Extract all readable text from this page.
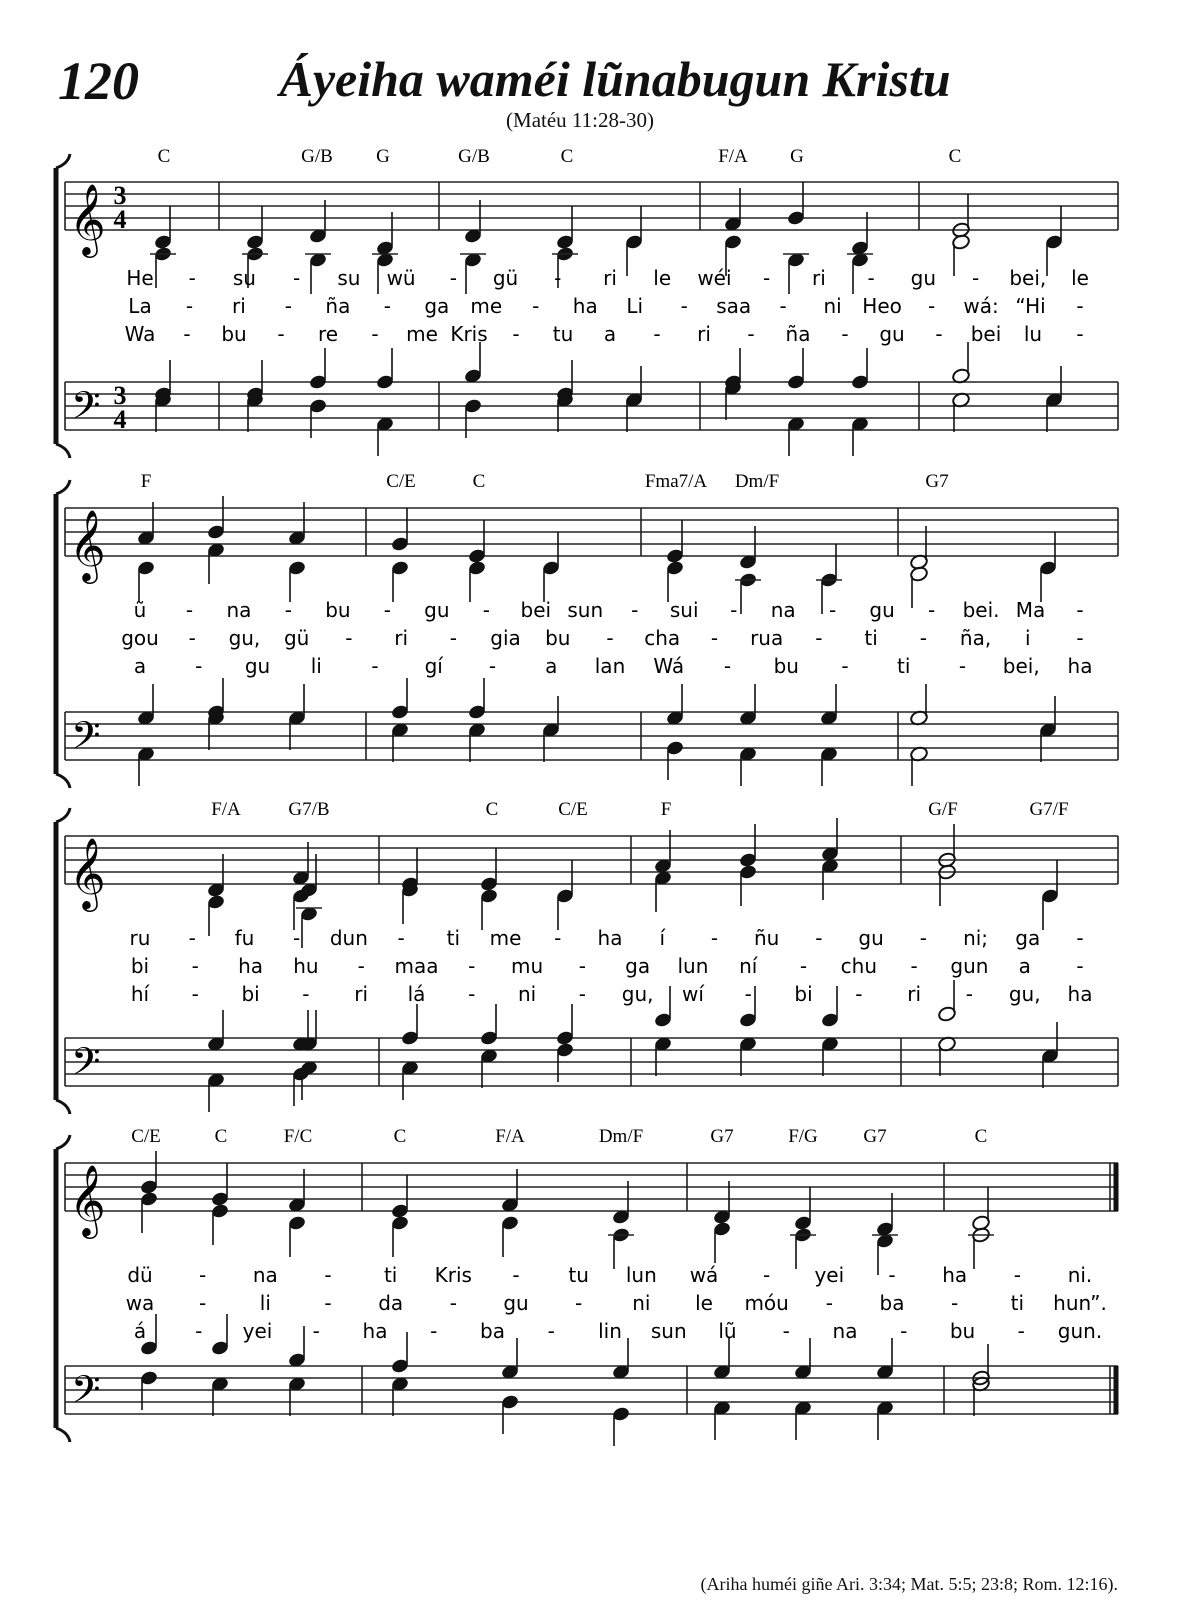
120	Áyeiha waméi lũnabugun Kristu
(Matéu 11:28-30)
𝄞
𝄢
3
4
3
4
C	G/B G	G/B	C	F/A G	C
He - su - su wü - gü - ri le wéi - ri - gu - bei, le
La - ri - ña - ga me - ha Li - saa - ni Heo - wá: “Hi -
Wa - bu - re - me Kris - tu a - ri - ña - gu - bei lu -
𝄞
𝄢
F	C/E	C	Fma7/A Dm/F	G7
ũ - na - bu - gu - bei sun - sui - na - gu - bei. Ma -
gou - gu, gü - ri - gia bu - cha - rua - ti - ña, i -
a - gu li - gí - a lan Wá - bu - ti - bei, ha
𝄞
𝄢
F/A	G7/B	C	C/E	F	G/F	G7/F
ru - fu - dun - ti me - ha í - ñu - gu - ni; ga -
bi - ha hu - maa - mu - ga lun ní - chu - gun a -
hí - bi - ri lá - ni - gu, wí - bi - ri - gu, ha
𝄞
𝄢
C/E	C	F/C	C	F/A	Dm/F	G7	F/G G7	C
dü - na -	ti Kris - tu lun wá - yei - ha - ni.
wa -	li	- da - gu - ni le móu - ba -	ti hun”.
á - yei - ha - ba - lin sun lũ - na - bu - gun.
(Ariha huméi giñe Ari. 3:34; Mat. 5:5; 23:8; Rom. 12:16).
